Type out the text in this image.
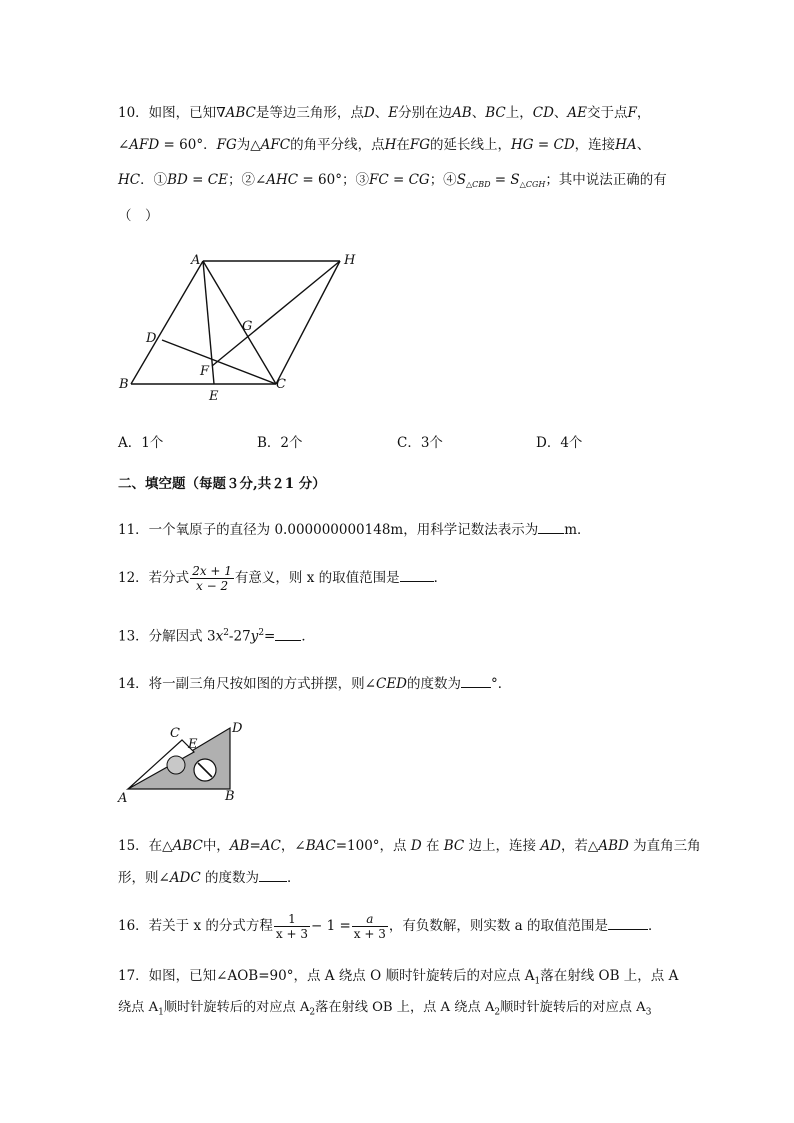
10．如图，已知∇ABC是等边三角形，点D、E分别在边AB、BC上，CD、AE交于点F，
∠AFD = 60°．FG为△AFC的角平分线，点H在FG的延长线上，HG = CD，连接HA、
HC．①BD = CE；②∠AHC = 60°；③FC = CG；$④S_{\triangle CBD} = S_{\triangle CGH}$；其中说法正确的有
（　）
A	H
G
D
F
B	C
E
A．1个	B．2个	C．3个	D．4个
二、填空题（每题３分,共２1 分）
11．一个氧原子的直径为 0.000000000148m，用科学记数法表示为 m．
12．若分式 $\frac{2x + 1}{x - 2}$ 有意义，则 x 的取值范围是	．
13．分解因式 $3x^2-27y^2=$ ．
14．将一副三角尺按如图的方式拼摆，则∠CED的度数为 °．
C
E
D
A	B
15．在△ABC中，AB=AC，∠BAC=100°，点 D 在 BC 边上，连接 AD，若△ABD 为直角三角
形，则∠ADC 的度数为 ．
16．若关于 x 的分式方程 $\frac{1}{x + 3} - 1 = \frac{a}{x + 3}$ ，有负数解，则实数 a 的取值范围是	．
17．如图，已知∠AOB=90°，点 A 绕点 O 顺时针旋转后的对应点 $A_1$落在射线 OB 上，点 A
绕点 $A_1$顺时针旋转后的对应点 $A_2$落在射线 OB 上，点 A 绕点 $A_2$顺时针旋转后的对应点 $A_3$
